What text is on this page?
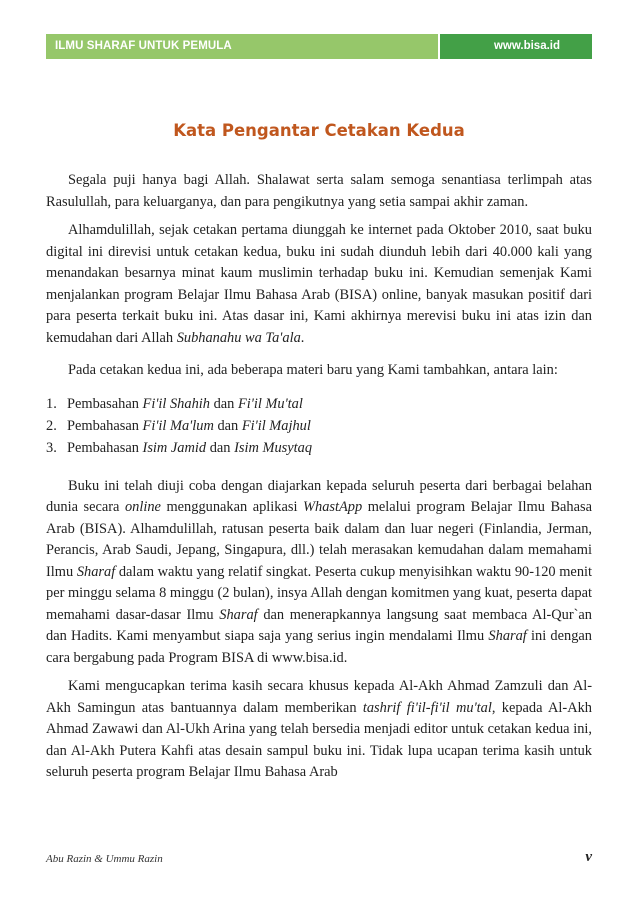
ILMU SHARAF UNTUK PEMULA	www.bisa.id
Kata Pengantar Cetakan Kedua

Segala puji hanya bagi Allah. Shalawat serta salam semoga senantiasa terlimpah atas Rasulullah, para keluarganya, dan para pengikutnya yang setia sampai akhir zaman.

Alhamdulillah, sejak cetakan pertama diunggah ke internet pada Oktober 2010, saat buku digital ini direvisi untuk cetakan kedua, buku ini sudah diunduh lebih dari 40.000 kali yang menandakan besarnya minat kaum muslimin terhadap buku ini. Kemudian semenjak Kami menjalankan program Belajar Ilmu Bahasa Arab (BISA) online, banyak masukan positif dari para peserta terkait buku ini. Atas dasar ini, Kami akhirnya merevisi buku ini atas izin dan kemudahan dari Allah Subhanahu wa Ta'ala.

Pada cetakan kedua ini, ada beberapa materi baru yang Kami tambahkan, antara lain:

1. Pembasahan Fi'il Shahih dan Fi'il Mu'tal
2. Pembahasan Fi'il Ma'lum dan Fi'il Majhul
3. Pembahasan Isim Jamid dan Isim Musytaq

Buku ini telah diuji coba dengan diajarkan kepada seluruh peserta dari berbagai belahan dunia secara online menggunakan aplikasi WhastApp melalui program Belajar Ilmu Bahasa Arab (BISA). Alhamdulillah, ratusan peserta baik dalam dan luar negeri (Finlandia, Jerman, Perancis, Arab Saudi, Jepang, Singapura, dll.) telah merasakan kemudahan dalam memahami Ilmu Sharaf dalam waktu yang relatif singkat. Peserta cukup menyisihkan waktu 90-120 menit per minggu selama 8 minggu (2 bulan), insya Allah dengan komitmen yang kuat, peserta dapat memahami dasar-dasar Ilmu Sharaf dan menerapkannya langsung saat membaca Al-Qur`an dan Hadits. Kami menyambut siapa saja yang serius ingin mendalami Ilmu Sharaf ini dengan cara bergabung pada Program BISA di www.bisa.id.

Kami mengucapkan terima kasih secara khusus kepada Al-Akh Ahmad Zamzuli dan Al-Akh Samingun atas bantuannya dalam memberikan tashrif fi'il-fi'il mu'tal, kepada Al-Akh Ahmad Zawawi dan Al-Ukh Arina yang telah bersedia menjadi editor untuk cetakan kedua ini, dan Al-Akh Putera Kahfi atas desain sampul buku ini. Tidak lupa ucapan terima kasih untuk seluruh peserta program Belajar Ilmu Bahasa Arab

Abu Razin & Ummu Razin	v
